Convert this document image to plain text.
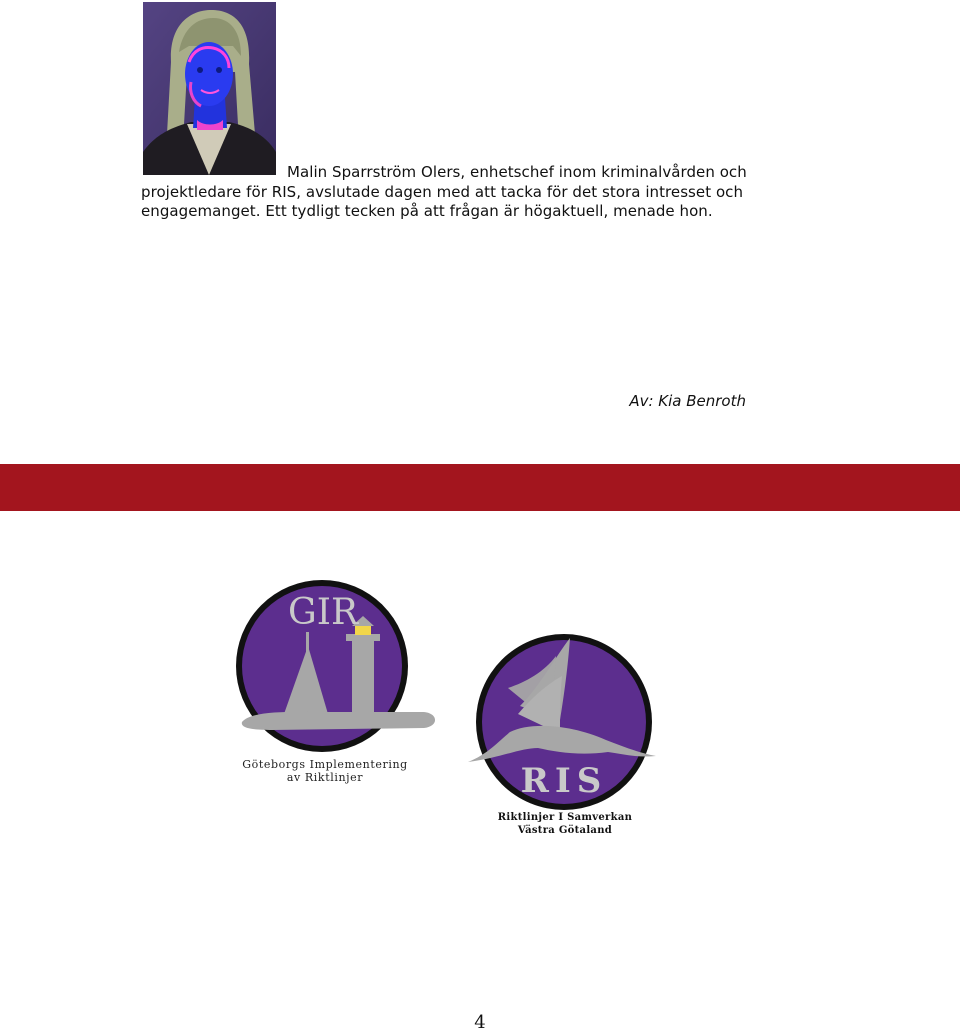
Malin Sparrström Olers, enhetschef inom kriminalvården och
projektledare för RIS, avslutade dagen med att tacka för det stora intresset och
engagemanget. Ett tydligt tecken på att frågan är högaktuell, menade hon.
Av: Kia Benroth
GIR
Göteborgs Implementering
av Riktlinjer	RIS
Riktlinjer I Samverkan
Västra Götaland
4
